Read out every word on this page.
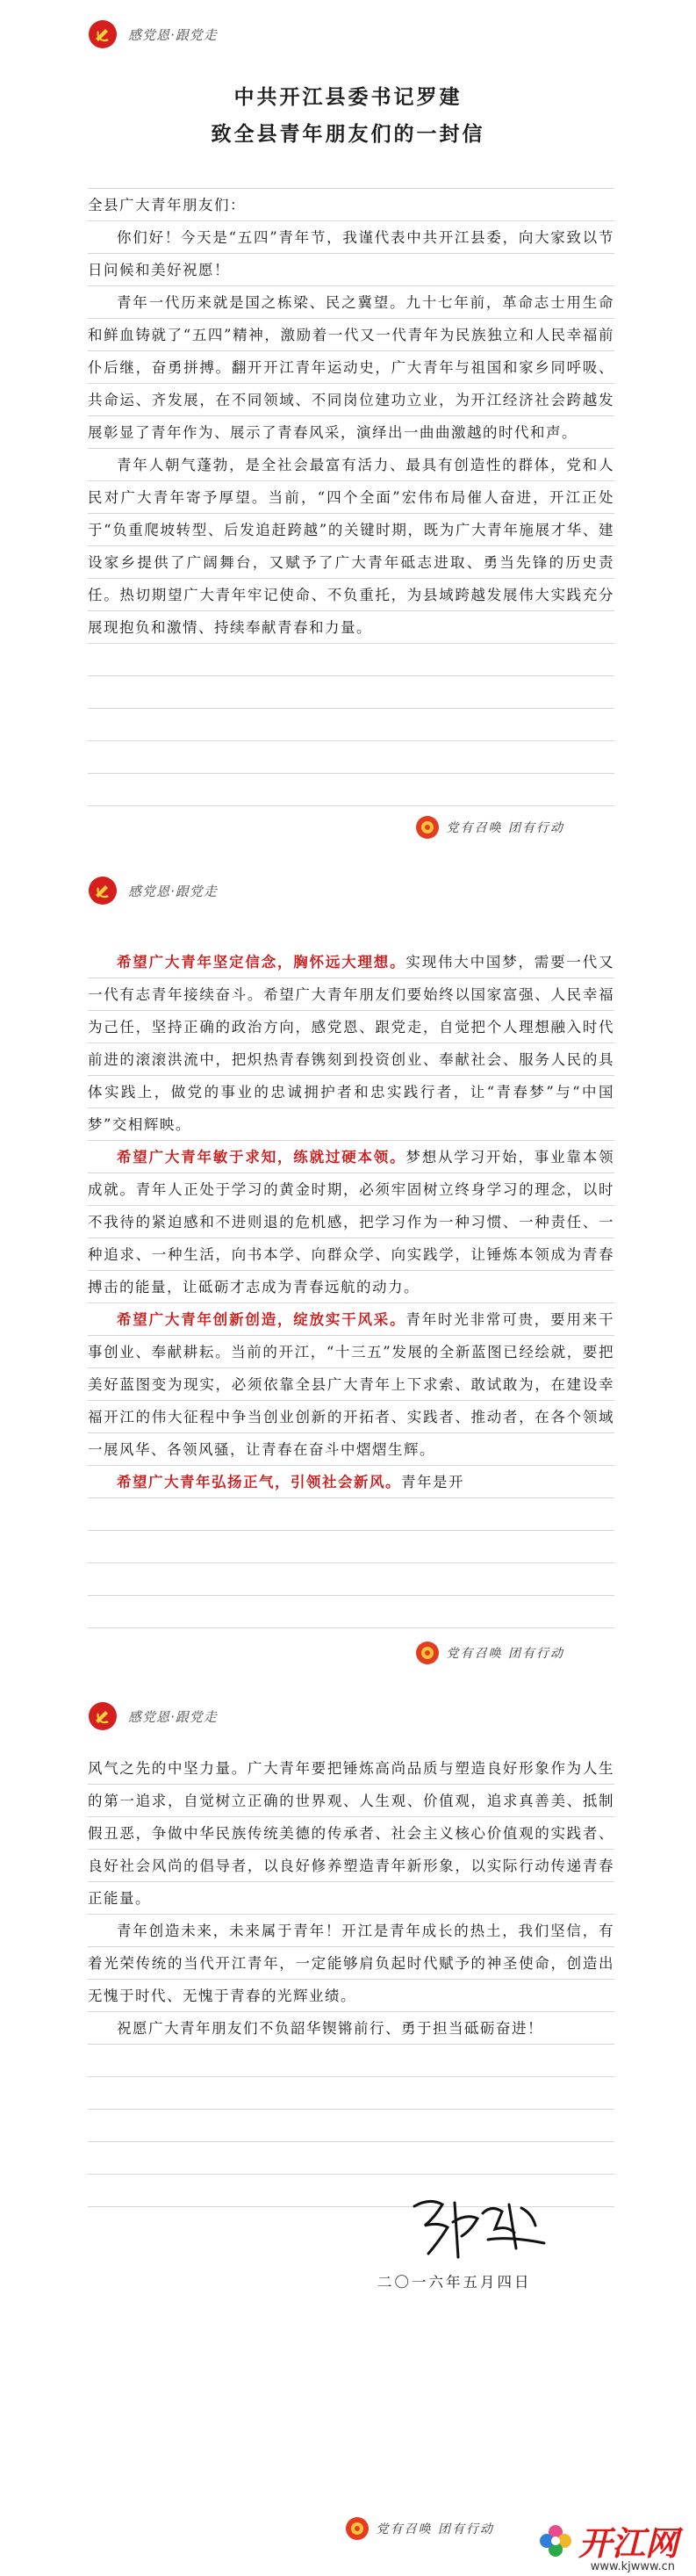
感党恩·跟党走
中共开江县委书记罗建
致全县青年朋友们的一封信

全县广大青年朋友们：

你们好！今天是“五四”青年节，我谨代表中共开江县委，向大家致以节日问候和美好祝愿！

青年一代历来就是国之栋梁、民之冀望。九十七年前，革命志士用生命和鲜血铸就了“五四”精神，激励着一代又一代青年为民族独立和人民幸福前仆后继，奋勇拼搏。翻开开江青年运动史，广大青年与祖国和家乡同呼吸、共命运、齐发展，在不同领域、不同岗位建功立业，为开江经济社会跨越发展彰显了青年作为、展示了青春风采，演绎出一曲曲激越的时代和声。

青年人朝气蓬勃，是全社会最富有活力、最具有创造性的群体，党和人民对广大青年寄予厚望。当前，“四个全面”宏伟布局催人奋进，开江正处于“负重爬坡转型、后发追赶跨越”的关键时期，既为广大青年施展才华、建设家乡提供了广阔舞台，又赋予了广大青年砥志进取、勇当先锋的历史责任。热切期望广大青年牢记使命、不负重托，为县域跨越发展伟大实践充分展现抱负和激情、持续奉献青春和力量。

党有召唤 团有行动
感党恩·跟党走

希望广大青年坚定信念，胸怀远大理想。实现伟大中国梦，需要一代又一代有志青年接续奋斗。希望广大青年朋友们要始终以国家富强、人民幸福为己任，坚持正确的政治方向，感党恩、跟党走，自觉把个人理想融入时代前进的滚滚洪流中，把炽热青春镌刻到投资创业、奉献社会、服务人民的具体实践上，做党的事业的忠诚拥护者和忠实践行者，让“青春梦”与“中国梦”交相辉映。

希望广大青年敏于求知，练就过硬本领。梦想从学习开始，事业靠本领成就。青年人正处于学习的黄金时期，必须牢固树立终身学习的理念，以时不我待的紧迫感和不进则退的危机感，把学习作为一种习惯、一种责任、一种追求、一种生活，向书本学、向群众学、向实践学，让锤炼本领成为青春搏击的能量，让砥砺才志成为青春远航的动力。

希望广大青年创新创造，绽放实干风采。青年时光非常可贵，要用来干事创业、奉献耕耘。当前的开江，“十三五”发展的全新蓝图已经绘就，要把美好蓝图变为现实，必须依靠全县广大青年上下求索、敢试敢为，在建设幸福开江的伟大征程中争当创业创新的开拓者、实践者、推动者，在各个领域一展风华、各领风骚，让青春在奋斗中熠熠生辉。

希望广大青年弘扬正气，引领社会新风。青年是开

党有召唤 团有行动
感党恩·跟党走

风气之先的中坚力量。广大青年要把锤炼高尚品质与塑造良好形象作为人生的第一追求，自觉树立正确的世界观、人生观、价值观，追求真善美、抵制假丑恶，争做中华民族传统美德的传承者、社会主义核心价值观的实践者、良好社会风尚的倡导者，以良好修养塑造青年新形象，以实际行动传递青春正能量。

青年创造未来，未来属于青年！开江是青年成长的热土，我们坚信，有着光荣传统的当代开江青年，一定能够肩负起时代赋予的神圣使命，创造出无愧于时代、无愧于青春的光辉业绩。

祝愿广大青年朋友们不负韶华锲锵前行、勇于担当砥砺奋进！

二〇一六年五月四日
党有召唤 团有行动	开江网
www.kjwww.cn
